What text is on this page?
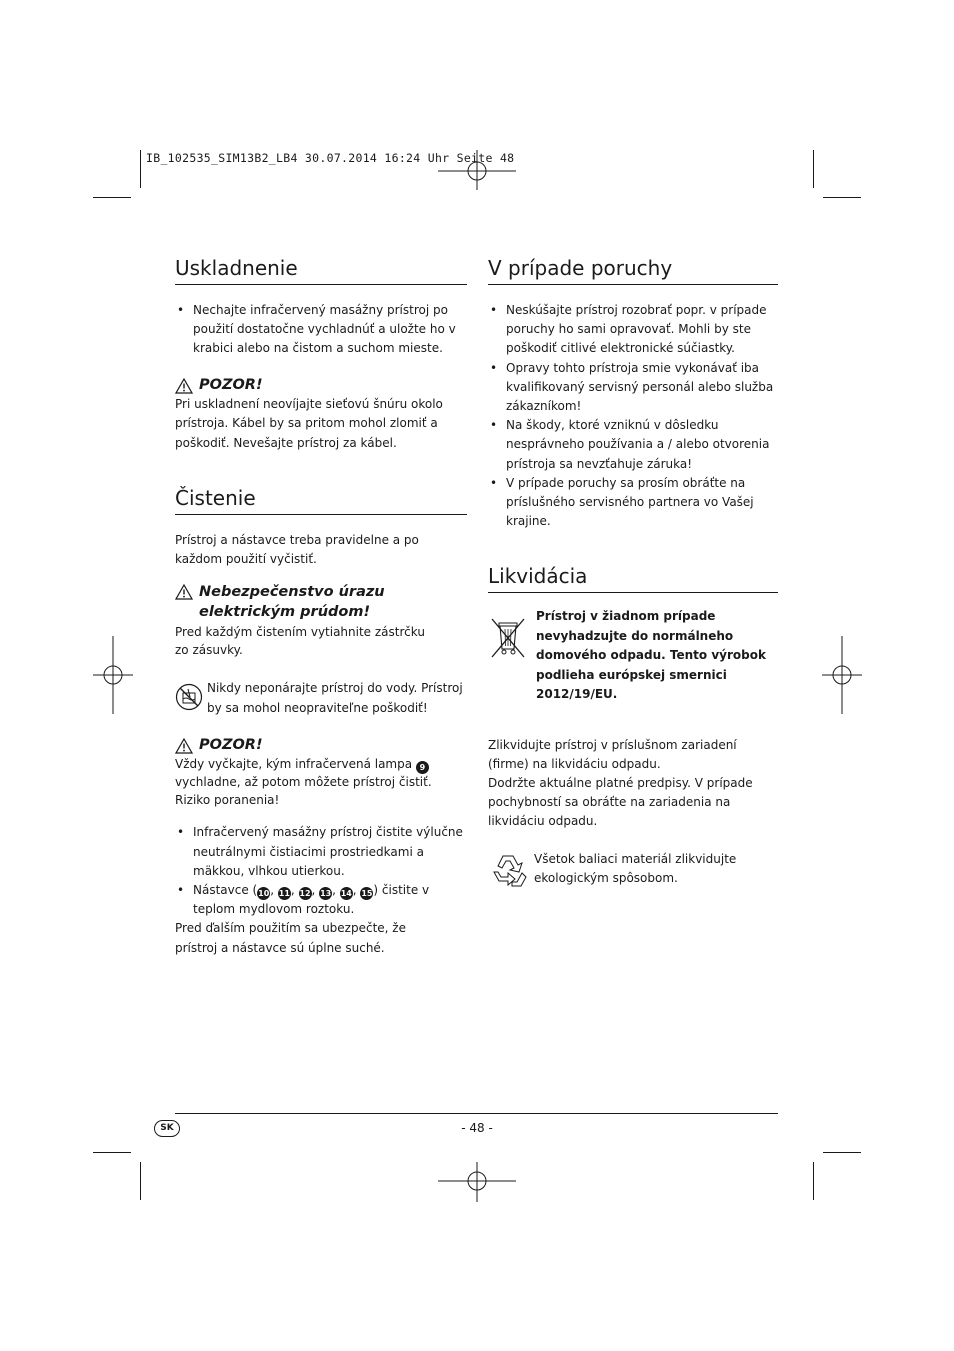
IB_102535_SIM13B2_LB4 30.07.2014 16:24 Uhr Seite 48
Uskladnenie
• Nechajte infračervený masážny prístroj po použití dostatočne vychladnúť a uložte ho v krabici alebo na čistom a suchom mieste.
POZOR!

Pri uskladnení neovíjajte sieťovú šnúru okolo prístroja. Kábel by sa pritom mohol zlomiť a poškodiť. Nevešajte prístroj za kábel.

Čistenie

Prístroj a nástavce treba pravidelne a po každom použití vyčistiť.

Nebezpečenstvo úrazu elektrickým prúdom!

Pred každým čistením vytiahnite zástrčku zo zásuvky.

Nikdy neponárajte prístroj do vody. Prístroj by sa mohol neopraviteľne poškodiť!

POZOR!

Vždy vyčkajte, kým infračervená lampa 9 vychladne, až potom môžete prístroj čistiť.

Riziko poranenia!

• Infračervený masážny prístroj čistite výlučne neutrálnymi čistiacimi prostriedkami a mäkkou, vlhkou utierkou.
• Nástavce (10, 11, 12, 13, 14, 15) čistite v teplom mydlovom roztoku.

Pred ďalším použitím sa ubezpečte, že prístroj a nástavce sú úplne suché.

V prípade poruchy
• Neskúšajte prístroj rozobrať popr. v prípade poruchy ho sami opravovať. Mohli by ste poškodiť citlivé elektronické súčiastky.
• Opravy tohto prístroja smie vykonávať iba kvalifikovaný servisný personál alebo služba zákazníkom!
• Na škody, ktoré vzniknú v dôsledku nesprávneho používania a / alebo otvorenia prístroja sa nevzťahuje záruka!
• V prípade poruchy sa prosím obráťte na príslušného servisného partnera vo Vašej krajine.
Likvidácia

Prístroj v žiadnom prípade nevyhadzujte do normálneho domového odpadu. Tento výrobok podlieha európskej smernici 2012/19/EU.

Zlikvidujte prístroj v príslušnom zariadení (firme) na likvidáciu odpadu.

Dodržte aktuálne platné predpisy. V prípade pochybností sa obráťte na zariadenia na likvidáciu odpadu.

Všetok baliaci materiál zlikvidujte ekologickým spôsobom.

SK	- 48 -
